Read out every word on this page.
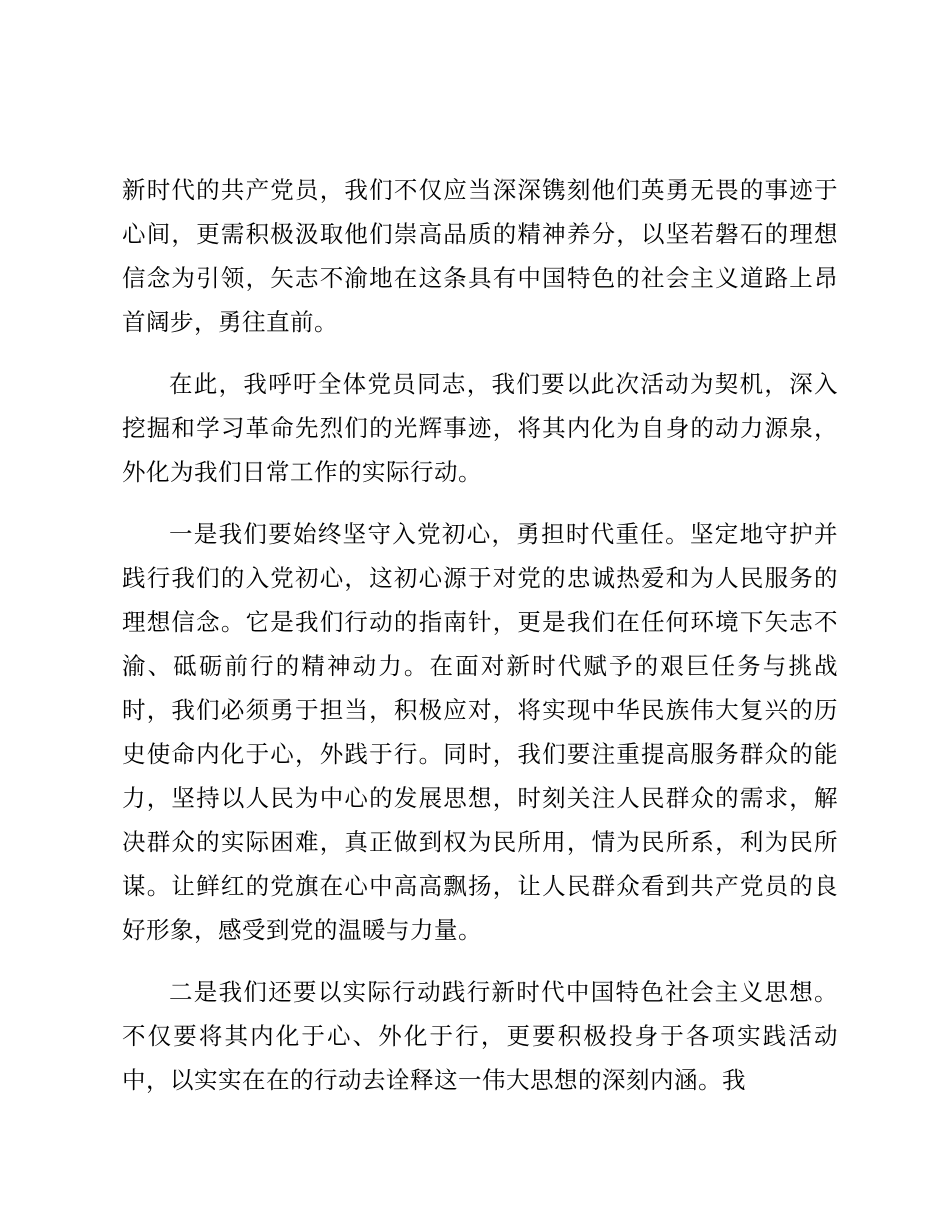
新时代的共产党员，我们不仅应当深深镌刻他们英勇无畏的事迹于心间，更需积极汲取他们崇高品质的精神养分，以坚若磐石的理想信念为引领，矢志不渝地在这条具有中国特色的社会主义道路上昂首阔步，勇往直前。

在此，我呼吁全体党员同志，我们要以此次活动为契机，深入挖掘和学习革命先烈们的光辉事迹，将其内化为自身的动力源泉，外化为我们日常工作的实际行动。

一是我们要始终坚守入党初心，勇担时代重任。坚定地守护并践行我们的入党初心，这初心源于对党的忠诚热爱和为人民服务的理想信念。它是我们行动的指南针，更是我们在任何环境下矢志不渝、砥砺前行的精神动力。在面对新时代赋予的艰巨任务与挑战时，我们必须勇于担当，积极应对，将实现中华民族伟大复兴的历史使命内化于心，外践于行。同时，我们要注重提高服务群众的能力，坚持以人民为中心的发展思想，时刻关注人民群众的需求，解决群众的实际困难，真正做到权为民所用，情为民所系，利为民所谋。让鲜红的党旗在心中高高飘扬，让人民群众看到共产党员的良好形象，感受到党的温暖与力量。

二是我们还要以实际行动践行新时代中国特色社会主义思想。不仅要将其内化于心、外化于行，更要积极投身于各项实践活动中，以实实在在的行动去诠释这一伟大思想的深刻内涵。我
